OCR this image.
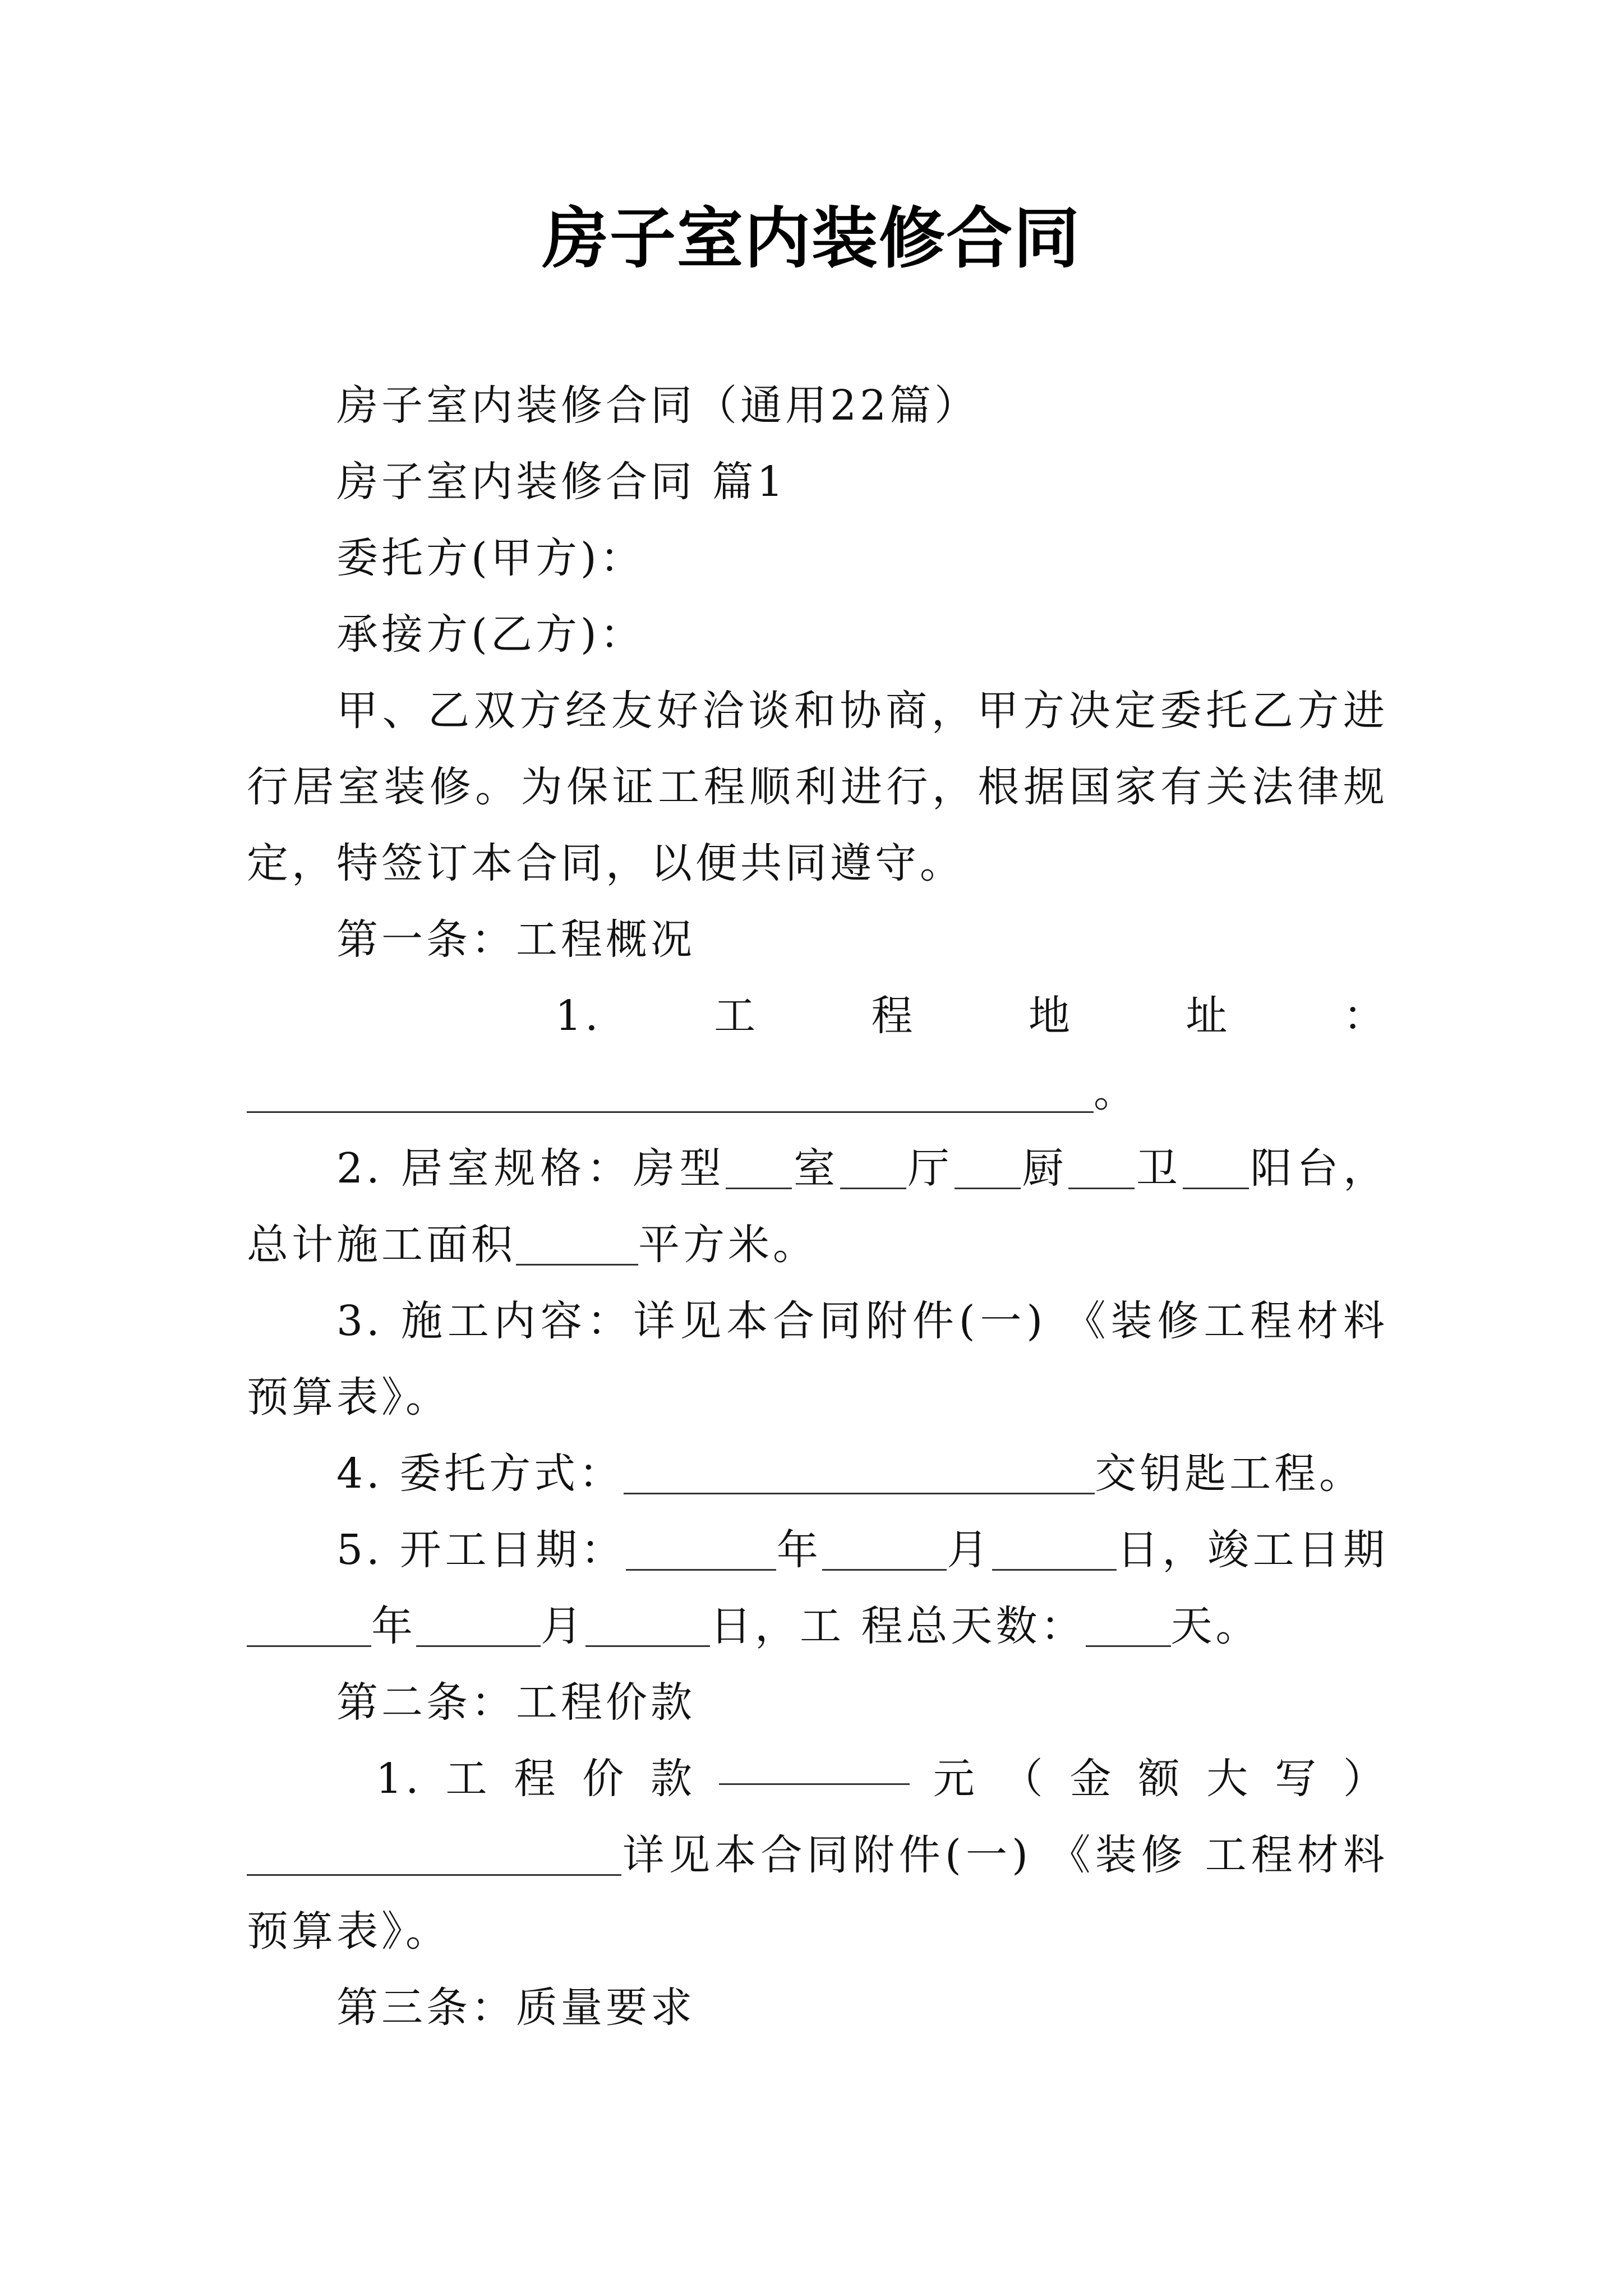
房子室内装修合同

房子室内装修合同（通用22篇）

房子室内装修合同 篇1

委托方(甲方)：

承接方(乙方)：

甲、乙双方经友好洽谈和协商，甲方决定委托乙方进行居室装修。为保证工程顺利进行，根据国家有关法律规定，特签订本合同，以便共同遵守。

第一条：工程概况

1.	工	程	地	址	：

。

2. 居室规格：房型 室 厅 厨 卫 阳台，总计施工面积	平方米。

3. 施工内容：详见本合同附件(一) 《装修工程材料预算表》。

4. 委托方式：	交钥匙工程。

5. 开工日期：	年	月	日，竣工日期年	月	日，工 程总天数： 天。

第二条：工程价款

1. 工 程 价 款	元 （ 金 额 大 写 ）

详见本合同附件(一) 《装修 工程材料预算表》。

第三条：质量要求
